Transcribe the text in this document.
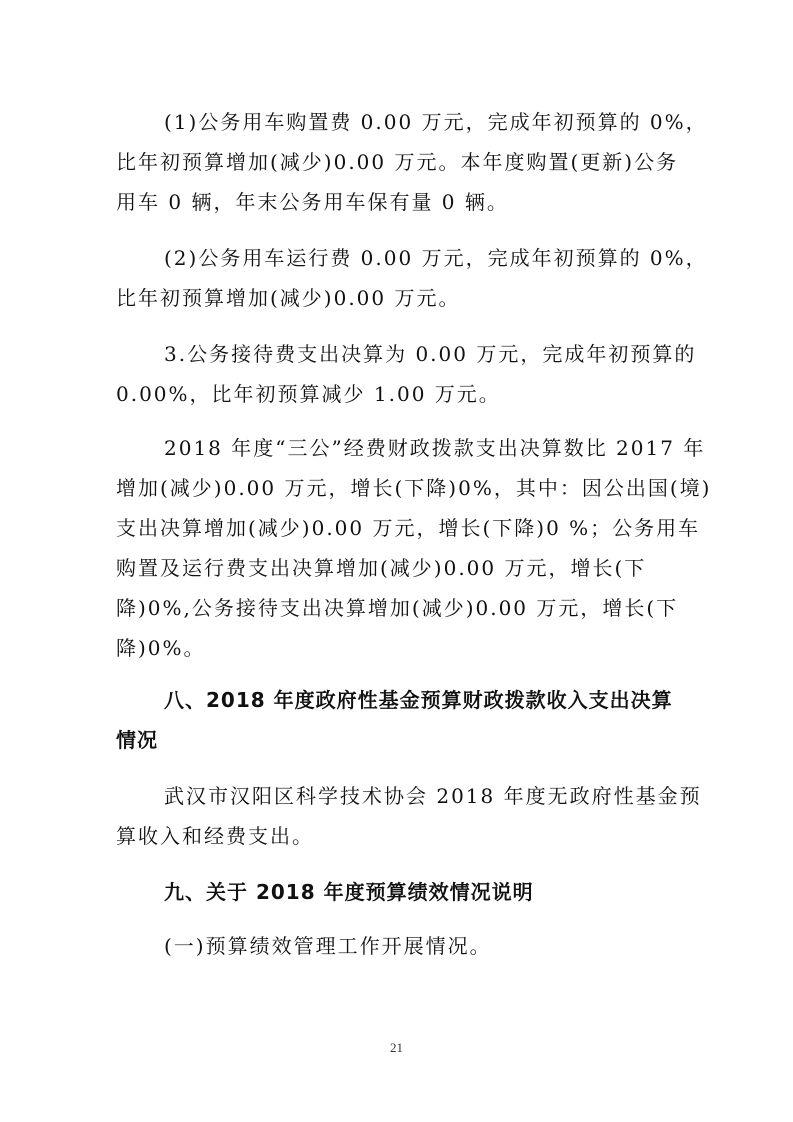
(1)公务用车购置费 0.00 万元，完成年初预算的 0%，
比年初预算增加(减少)0.00 万元。本年度购置(更新)公务
用车 0 辆，年末公务用车保有量 0 辆。
(2)公务用车运行费 0.00 万元，完成年初预算的 0%，
比年初预算增加(减少)0.00 万元。
3.公务接待费支出决算为 0.00 万元，完成年初预算的
0.00%，比年初预算减少 1.00 万元。
2018 年度“三公”经费财政拨款支出决算数比 2017 年
增加(减少)0.00 万元，增长(下降)0%，其中：因公出国(境)
支出决算增加(减少)0.00 万元，增长(下降)0 %；公务用车
购置及运行费支出决算增加(减少)0.00 万元，增长(下
降)0%,公务接待支出决算增加(减少)0.00 万元，增长(下
降)0%。
八、2018 年度政府性基金预算财政拨款收入支出决算
情况
武汉市汉阳区科学技术协会 2018 年度无政府性基金预
算收入和经费支出。
九、关于 2018 年度预算绩效情况说明
(一)预算绩效管理工作开展情况。
21
